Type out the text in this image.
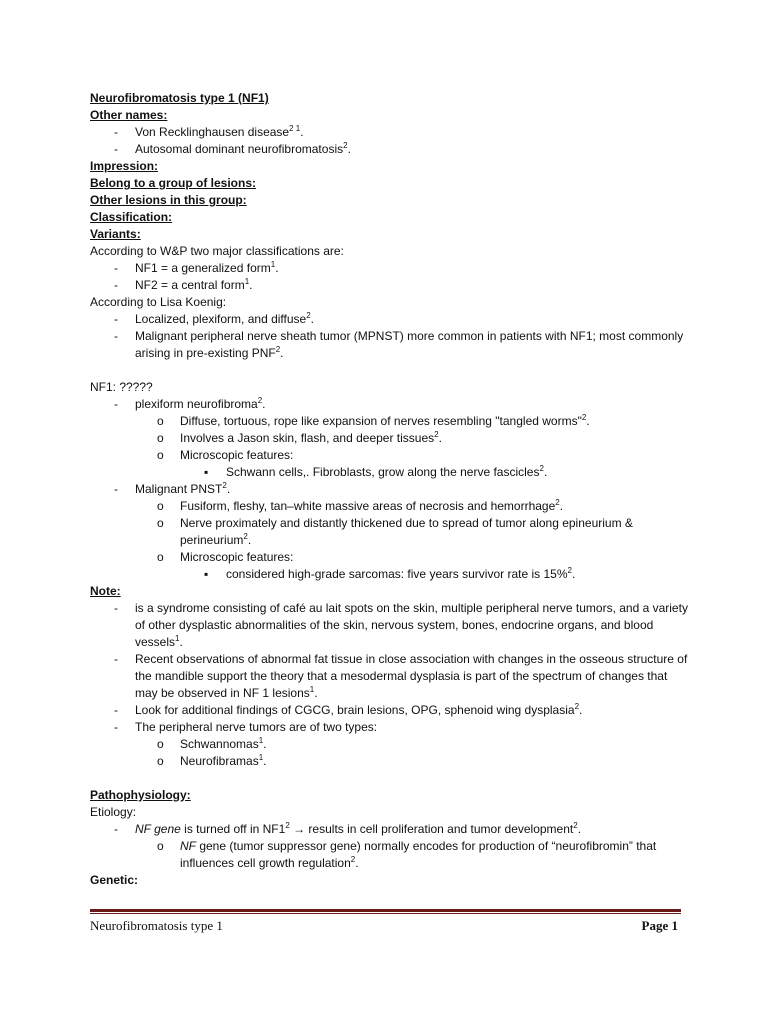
Neurofibromatosis type 1 (NF1)
Other names:
-	Von Recklinghausen disease$^{2 1}$.
-	Autosomal dominant neurofibromatosis$^2$.
Impression:
Belong to a group of lesions:
Other lesions in this group:
Classification:
Variants:
According to W&P two major classifications are:
-	NF1 = a generalized form$^1$.
-	NF2 = a central form$^1$.
According to Lisa Koenig:
-	Localized, plexiform, and diffuse$^2$.
-	Malignant peripheral nerve sheath tumor (MPNST) more common in patients with NF1; most commonly arising in pre-existing PNF$^2$.
NF1: ?????
-	plexiform neurofibroma$^2$.
o	Diffuse, tortuous, rope like expansion of nerves resembling "tangled worms"$^2$.
o	Involves a Jason skin, flash, and deeper tissues$^2$.
o	Microscopic features:
▪	Schwann cells,. Fibroblasts, grow along the nerve fascicles$^2$.
-	Malignant PNST$^2$.
o	Fusiform, fleshy, tan–white massive areas of necrosis and hemorrhage$^2$.
o	Nerve proximately and distantly thickened due to spread of tumor along epineurium & perineurium$^2$.
o	Microscopic features:
▪	considered high-grade sarcomas: five years survivor rate is 15%$^2$.
Note:
-	is a syndrome consisting of café au lait spots on the skin, multiple peripheral nerve tumors, and a variety of other dysplastic abnormalities of the skin, nervous system, bones, endocrine organs, and blood vessels$^1$.
-	Recent observations of abnormal fat tissue in close association with changes in the osseous structure of the mandible support the theory that a mesodermal dysplasia is part of the spectrum of changes that may be observed in NF 1 lesions$^1$.
-	Look for additional findings of CGCG, brain lesions, OPG, sphenoid wing dysplasia$^2$.
-	The peripheral nerve tumors are of two types:
o	Schwannomas$^1$.
o	Neurofibramas$^1$.
Pathophysiology:
Etiology:
-	NF gene is turned off in $NF1^2$ → results in cell proliferation and tumor development$^2$.
o	NF gene (tumor suppressor gene) normally encodes for production of “neurofibromin” that influences cell growth regulation$^2$.
Genetic:
Neurofibromatosis type 1	Page 1
